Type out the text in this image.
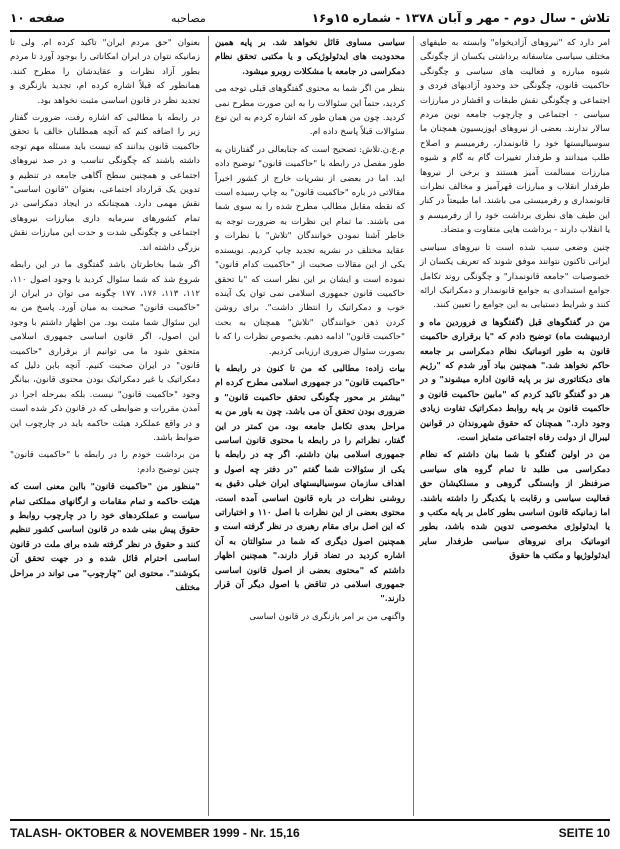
تلاش - سال دوم - مهر و آبان ۱۳۷۸ - شماره ۱۵و۱۶
مصاحبه
صفحه ۱۰

امر دارد که "نیروهای آزادیخواه" وابسته به طیفهای مختلف سیاسی متاسفانه برداشتی یکسان از چگونگی شیوه مبارزه و فعالیت های سیاسی و چگونگی حاکمیت قانون، چگونگی حد وحدود آزادیهای فردی و اجتماعی و چگونگی نقش طبقات و اقشار در مبارزات سیاسی - اجتماعی و چارچوب جامعه نوین مردم سالار ندارند. بعضی از نیروهای اپوزیسیون همچنان ما سوسیالیستها خود را قانونمدار، رفرمیسم و اصلاح طلب میدانند و طرفدار تغییرات گام به گام و شیوه مبارزات مسالمت آمیز هستند و برخی از نیروها طرفدار انقلاب و مبارزات قهرآمیز و مخالف نظرات قانونمداری و رفرمیستی می باشند. اما طبیعتاً در کنار این طیف های نظری برداشت خود را از رفرمیسم و یا انقلاب دارند - برداشت هایی متفاوت و متضاد.

چنین وضعی سبب شده است تا نیروهای سیاسی ایرانی تاکنون نتوانند موفق شوند که تعریف یکسان از خصوصیات "جامعه قانونمدار" و چگونگی روند تکامل جوامع استبدادی به جوامع قانونمدار و دمکراتیک ارائه کنند و شرایط دستیابی به این جوامع را تعیین کنند.

من در گفتگوهای قبل (گفتگوها ی فروردین ماه و اردیبهشت ماه) توضیح دادم که "با برقراری حاکمیت قانون به طور اتوماتیک نظام دمکراسی بر جامعه حاکم نخواهد شد." همچنین بیاد آور شدم که "رژیم های دیکتاتوری نیز بر پایه قانون اداره میشوند" و در هر دو گفتگو تاکید کردم که "مابین حاکمیت قانون و حاکمیت قانون بر پایه روابط دمکراتیک تفاوت زیادی وجود دارد." همچنان که حقوق شهروندان در قوانین لیبرال از دولت رفاه اجتماعی متمایز است.

من در اولین گفتگو با شما بیان داشتم که نظام دمکراسی می طلبد تا تمام گروه های سیاسی صرفنظر از وابستگی گروهی و مسلکیشان حق فعالیت سیاسی و رقابت با یکدیگر را داشته باشند. اما زمانیکه قانون اساسی بطور کامل بر پایه مکتب و یا ایدئولوژی مخصوصی تدوین شده باشد، بطور اتوماتیک برای نیروهای سیاسی طرفدار سایر ایدئولوژیها و مکتب ها حقوق

سیاسی مساوی قائل نخواهد شد. بر پایه همین محدودیت های ایدئولوژیکی و یا مکتبی تحقق نظام دمکراسی در جامعه با مشکلات روبرو میشود.

بنظر من اگر شما به محتوی گفتگوهای قبلی توجه می کردید، حتماً این سئوالات را به این صورت مطرح نمی کردید. چون من همان طور که اشاره کردم به این نوع سئوالات قبلاً پاسخ داده ام.

م.ع.ن.تلاش: تصحیح است که جنابعالی در گفتارتان به طور مفصل در رابطه با "حاکمیت قانون" توضیح داده اید. اما در بعضی از نشریات خارج از کشور اخیراً مقالاتی در باره "حاکمیت قانون" به چاپ رسیده است که نقطه مقابل مطالب مطرح شده را به سوی شما می باشند. ما تمام این نظرات به ضرورت توجه به خاطر آشنا نمودن خوانندگان "تلاش" با نظرات و عقاید مختلف در نشریه تجدید چاپ کردیم. نویسنده یکی از این مقالات صحبت از "حاکمیت کدام قانون" نموده است و ایشان بر این نظر است که "با تحقق حاکمیت قانون جمهوری اسلامی نمی توان یک آینده خوب و دمکراتیک را انتظار داشت". برای روشن کردن ذهن خوانندگان "تلاش" همچنان به بحث "حاکمیت قانون" ادامه دهیم. بخصوص نظرات را که با بصورت سئوال ضروری ارزیابی کردیم.

بیات زاده: مطالبی که من تا کنون در رابطه با "حاکمیت قانون" در جمهوری اسلامی مطرح کرده ام "بیشتر بر محور چگونگی تحقق حاکمیت قانون" و ضروری بودن تحقق آن می باشد. چون به باور من به مراحل بعدی تکامل جامعه بود. من کمتر در این گفتار، نظراتم را در رابطه با محتوی قانون اساسی جمهوری اسلامی بیان داشتم. اگر چه در رابطه با یکی از سئوالات شما گفتم "در دفتر چه اصول و اهداف سازمان سوسیالیستهای ایران خیلی دقیق به روشنی نظرات در باره قانون اساسی آمده است. محتوی بعضی از این نظرات با اصل ۱۱۰ و اختیاراتی که این اصل برای مقام رهبری در نظر گرفته است و همچنین اصول دیگری که شما در سئوالتان به آن اشاره کردید در تضاد قرار دارند." همچنین اظهار داشتم که "محتوی بعضی از اصول قانون اساسی جمهوری اسلامی در تناقض با اصول دیگر آن قرار دارند."

واگنهی من بر امر بازنگری در قانون اساسی

بعنوان "حق مردم ایران" تاکید کرده ام. ولی تا زمانیکه نتوان در ایران امکاناتی را بوجود آورد تا مردم بطور آزاد نظرات و عقایدشان را مطرح کنند. همانطور که قبلاً اشاره کرده ام، تجدید بازنگری و تجدید نظر در قانون اساسی مثبت نخواهد بود.

در رابطه با مطالبی که اشاره رفت، ضرورت گفتار زیر را اضافه کنم که آنچه همطلبان خالف با تحقق حاکمیت قانون بدانند که نیست باید مسئله مهم توجه داشته باشند که چگونگی تناسب و در صد نیروهای اجتماعی و همچنین سطح آگاهی جامعه در تنظیم و تدوین یک قرارداد اجتماعی، بعنوان "قانون اساسی" نقش مهمی دارد. همچنانکه در ایجاد دمکراسی در تمام کشورهای سرمایه داری مبارزات نیروهای اجتماعی و چگونگی شدت و حدت این مبارزات نقش بزرگی داشته اند.

اگر شما بخاطرتان باشد گفتگوی ما در این رابطه شروع شد که شما سئوال کردید با وجود اصول ۱۱۰، ۱۱۲، ۱۱۳، ۱۷۶، ۱۷۷ چگونه می توان در ایران از "حاکمیت قانون" صحبت به میان آورد. پاسخ من به این سئوال شما مثبت بود. من اظهار داشتم با وجود این اصول، اگر قانون اساسی جمهوری اسلامی متحقق شود ما می توانیم از برقراری "حاکمیت قانون" در ایران صحبت کنیم. آنچه بابن دلیل که دمکراتیک یا غیر دمکراتیک بودن محتوی قانون، بیانگر وجود "حاکمیت قانون" نیست. بلکه بمرحله اجرا در آمدن مقررات و ضوابطی که در قانون ذکر شده است و در واقع عملکرد هیئت حاکمه باید در چارچوب این ضوابط باشد.

من برداشت خودم را در رابطه با "حاکمیت قانون" چنین توضیح دادم:

"منظور من "حاکمیت قانون" بااین معنی است که هیئت حاکمه و تمام مقامات و ارگانهای مملکتی تمام سیاست و عملکردهای خود را در چارچوب روابط و حقوق پیش بینی شده در قانون اساسی کشور تنظیم کنند و حقوق در نظر گرفته شده برای ملت در قانون اساسی احترام قائل شده و در جهت تحقق آن بکوشند". محتوی این "چارچوب" می تواند در مراحل مختلف

TALASH- OKTOBER & NOVEMBER 1999 - Nr. 15,16	SEITE 10
